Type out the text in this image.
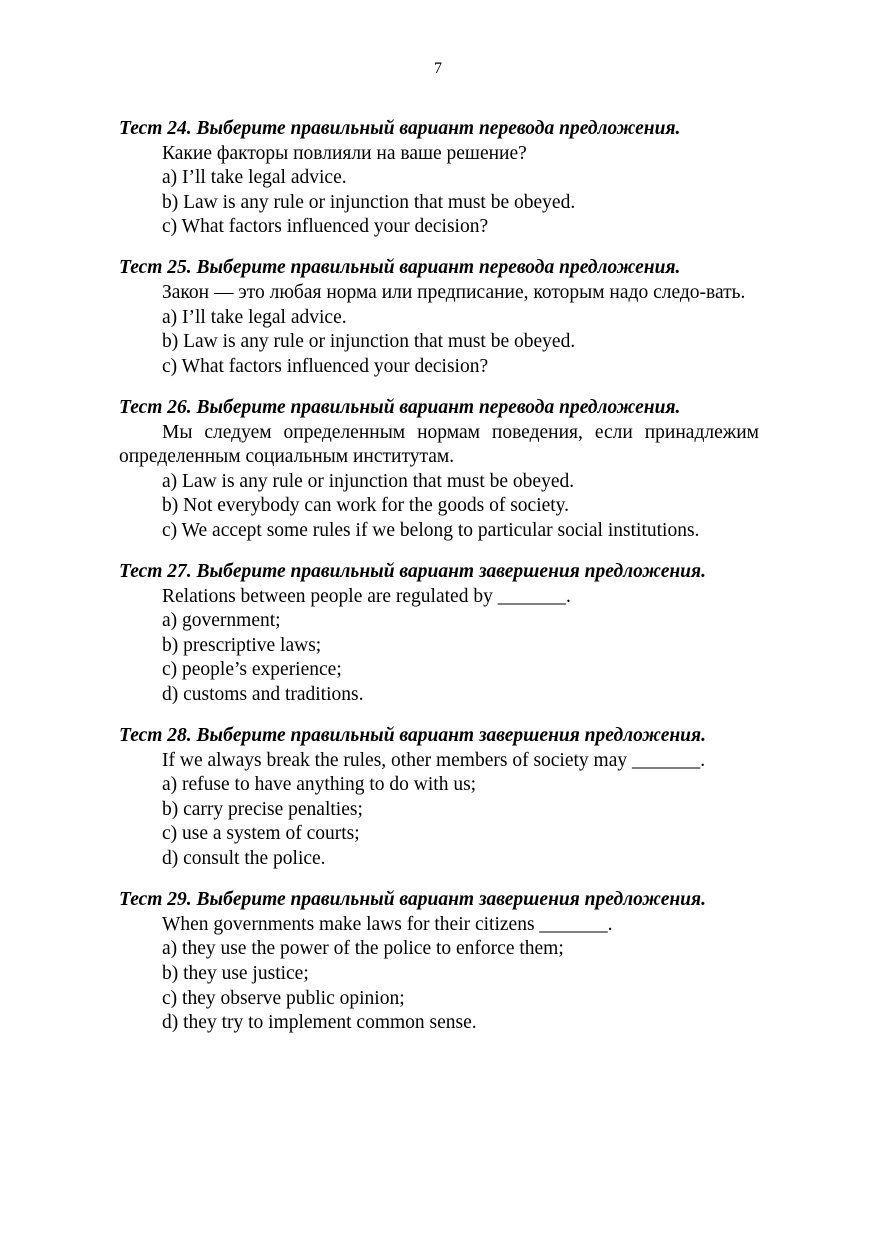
7
Тест 24. Выберите правильный вариант перевода предложения.
Какие факторы повлияли на ваше решение?
a) I’ll take legal advice.
b) Law is any rule or injunction that must be obeyed.
c) What factors influenced your decision?
Тест 25. Выберите правильный вариант перевода предложения.
Закон — это любая норма или предписание, которым надо следо-вать.
a) I’ll take legal advice.
b) Law is any rule or injunction that must be obeyed.
c) What factors influenced your decision?
Тест 26. Выберите правильный вариант перевода предложения.
Мы следуем определенным нормам поведения, если принадлежим определенным социальным институтам.
a) Law is any rule or injunction that must be obeyed.
b) Not everybody can work for the goods of society.
c) We accept some rules if we belong to particular social institutions.
Тест 27. Выберите правильный вариант завершения предложения.
Relations between people are regulated by _______.
a) government;
b) prescriptive laws;
c) people’s experience;
d) customs and traditions.
Тест 28. Выберите правильный вариант завершения предложения.
If we always break the rules, other members of society may _______.
a) refuse to have anything to do with us;
b) carry precise penalties;
c) use a system of courts;
d) consult the police.
Тест 29. Выберите правильный вариант завершения предложения.
When governments make laws for their citizens _______.
a) they use the power of the police to enforce them;
b) they use justice;
c) they observe public opinion;
d) they try to implement common sense.
